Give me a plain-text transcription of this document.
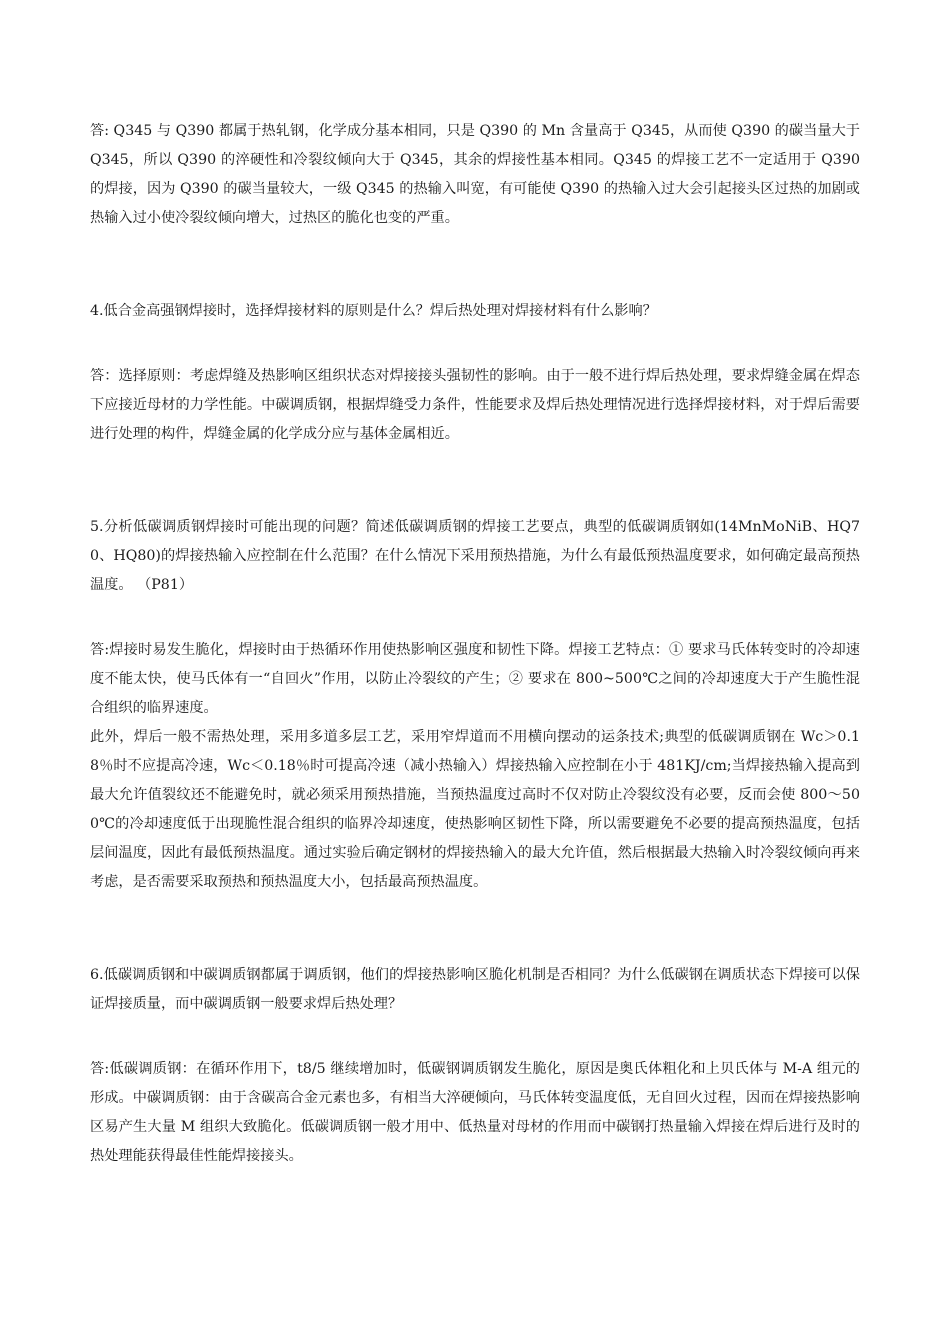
答: Q345 与 Q390 都属于热轧钢，化学成分基本相同，只是 Q390 的 Mn 含量高于 Q345，从而使 Q390 的碳当量大于 Q345，所以 Q390 的淬硬性和冷裂纹倾向大于 Q345，其余的焊接性基本相同。Q345 的焊接工艺不一定适用于 Q390 的焊接，因为 Q390 的碳当量较大，一级 Q345 的热输入叫宽，有可能使 Q390 的热输入过大会引起接头区过热的加剧或热输入过小使冷裂纹倾向增大，过热区的脆化也变的严重。

4.低合金高强钢焊接时，选择焊接材料的原则是什么？焊后热处理对焊接材料有什么影响？

答：选择原则：考虑焊缝及热影响区组织状态对焊接接头强韧性的影响。由于一般不进行焊后热处理，要求焊缝金属在焊态下应接近母材的力学性能。中碳调质钢，根据焊缝受力条件，性能要求及焊后热处理情况进行选择焊接材料，对于焊后需要进行处理的构件，焊缝金属的化学成分应与基体金属相近。

5.分析低碳调质钢焊接时可能出现的问题？简述低碳调质钢的焊接工艺要点，典型的低碳调质钢如(14MnMoNiB、HQ70、HQ80)的焊接热输入应控制在什么范围？在什么情况下采用预热措施，为什么有最低预热温度要求，如何确定最高预热温度。 （P81）

答:焊接时易发生脆化，焊接时由于热循环作用使热影响区强度和韧性下降。焊接工艺特点：① 要求马氏体转变时的冷却速度不能太快，使马氏体有一“自回火”作用，以防止冷裂纹的产生；② 要求在 800~500℃之间的冷却速度大于产生脆性混合组织的临界速度。

此外，焊后一般不需热处理，采用多道多层工艺，采用窄焊道而不用横向摆动的运条技术;典型的低碳调质钢在 Wc＞0.18％时不应提高冷速，Wc＜0.18％时可提高冷速（减小热输入）焊接热输入应控制在小于 481KJ/cm;当焊接热输入提高到最大允许值裂纹还不能避免时，就必须采用预热措施，当预热温度过高时不仅对防止冷裂纹没有必要，反而会使 800～500℃的冷却速度低于出现脆性混合组织的临界冷却速度，使热影响区韧性下降，所以需要避免不必要的提高预热温度，包括层间温度，因此有最低预热温度。通过实验后确定钢材的焊接热输入的最大允许值，然后根据最大热输入时冷裂纹倾向再来考虑，是否需要采取预热和预热温度大小，包括最高预热温度。

6.低碳调质钢和中碳调质钢都属于调质钢，他们的焊接热影响区脆化机制是否相同？为什么低碳钢在调质状态下焊接可以保证焊接质量，而中碳调质钢一般要求焊后热处理？

答:低碳调质钢：在循环作用下，t8/5 继续增加时，低碳钢调质钢发生脆化，原因是奥氏体粗化和上贝氏体与 M-A 组元的形成。中碳调质钢：由于含碳高合金元素也多，有相当大淬硬倾向，马氏体转变温度低，无自回火过程，因而在焊接热影响区易产生大量 M 组织大致脆化。低碳调质钢一般才用中、低热量对母材的作用而中碳钢打热量输入焊接在焊后进行及时的热处理能获得最佳性能焊接接头。
